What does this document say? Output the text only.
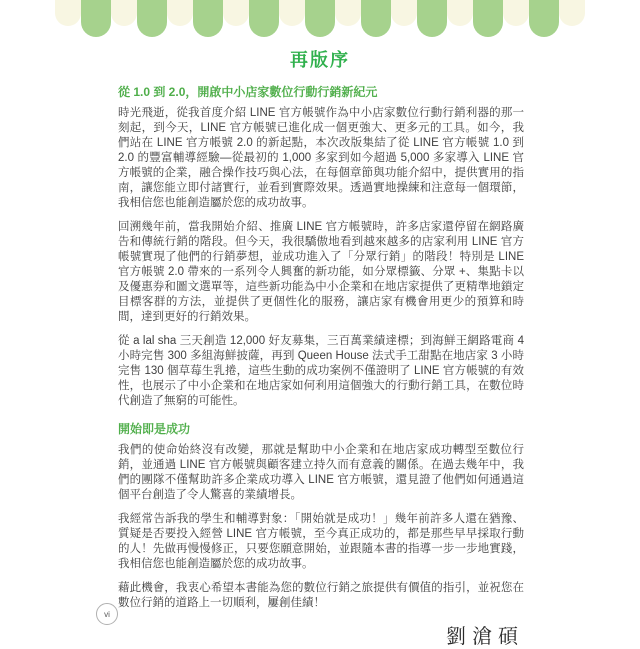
再版序
從 1.0 到 2.0，開啟中小店家數位行動行銷新紀元

時光飛逝，從我首度介紹 LINE 官方帳號作為中小店家數位行動行銷利器的那一刻起，到今天，LINE 官方帳號已進化成一個更強大、更多元的工具。如今，我們站在 LINE 官方帳號 2.0 的新起點，本次改版集結了從 LINE 官方帳號 1.0 到 2.0 的豐富輔導經驗—從最初的 1,000 多家到如今超過 5,000 多家導入 LINE 官方帳號的企業，融合操作技巧與心法，在每個章節與功能介紹中，提供實用的指南，讓您能立即付諸實行，並看到實際效果。透過實地操練和注意每一個環節，我相信您也能創造屬於您的成功故事。

回溯幾年前，當我開始介紹、推廣 LINE 官方帳號時，許多店家還停留在網路廣告和傳統行銷的階段。但今天，我很驕傲地看到越來越多的店家利用 LINE 官方帳號實現了他們的行銷夢想，並成功進入了「分眾行銷」的階段！特別是 LINE 官方帳號 2.0 帶來的一系列令人興奮的新功能，如分眾標籤、分眾 +、集點卡以及優惠券和圖文選單等，這些新功能為中小企業和在地店家提供了更精準地鎖定目標客群的方法，並提供了更個性化的服務，讓店家有機會用更少的預算和時間，達到更好的行銷效果。

從 a lal sha 三天創造 12,000 好友募集，三百萬業績達標；到海鮮王網路電商 4 小時完售 300 多組海鮮披薩，再到 Queen House 法式手工甜點在地店家 3 小時完售 130 個草莓生乳捲，這些生動的成功案例不僅證明了 LINE 官方帳號的有效性，也展示了中小企業和在地店家如何利用這個強大的行動行銷工具，在數位時代創造了無窮的可能性。

開始即是成功

我們的使命始終沒有改變，那就是幫助中小企業和在地店家成功轉型至數位行銷，並通過 LINE 官方帳號與顧客建立持久而有意義的關係。在過去幾年中，我們的團隊不僅幫助許多企業成功導入 LINE 官方帳號，還見證了他們如何通過這個平台創造了令人驚喜的業績增長。

我經常告訴我的學生和輔導對象：「開始就是成功！」幾年前許多人還在猶豫、質疑是否要投入經營 LINE 官方帳號，至今真正成功的，都是那些早早採取行動的人！先做再慢慢修正，只要您願意開始，並跟隨本書的指導一步一步地實踐，我相信您也能創造屬於您的成功故事。

藉此機會，我衷心希望本書能為您的數位行銷之旅提供有價值的指引，並祝您在數位行銷的道路上一切順利，屢創佳績！

劉滄碩
vi
